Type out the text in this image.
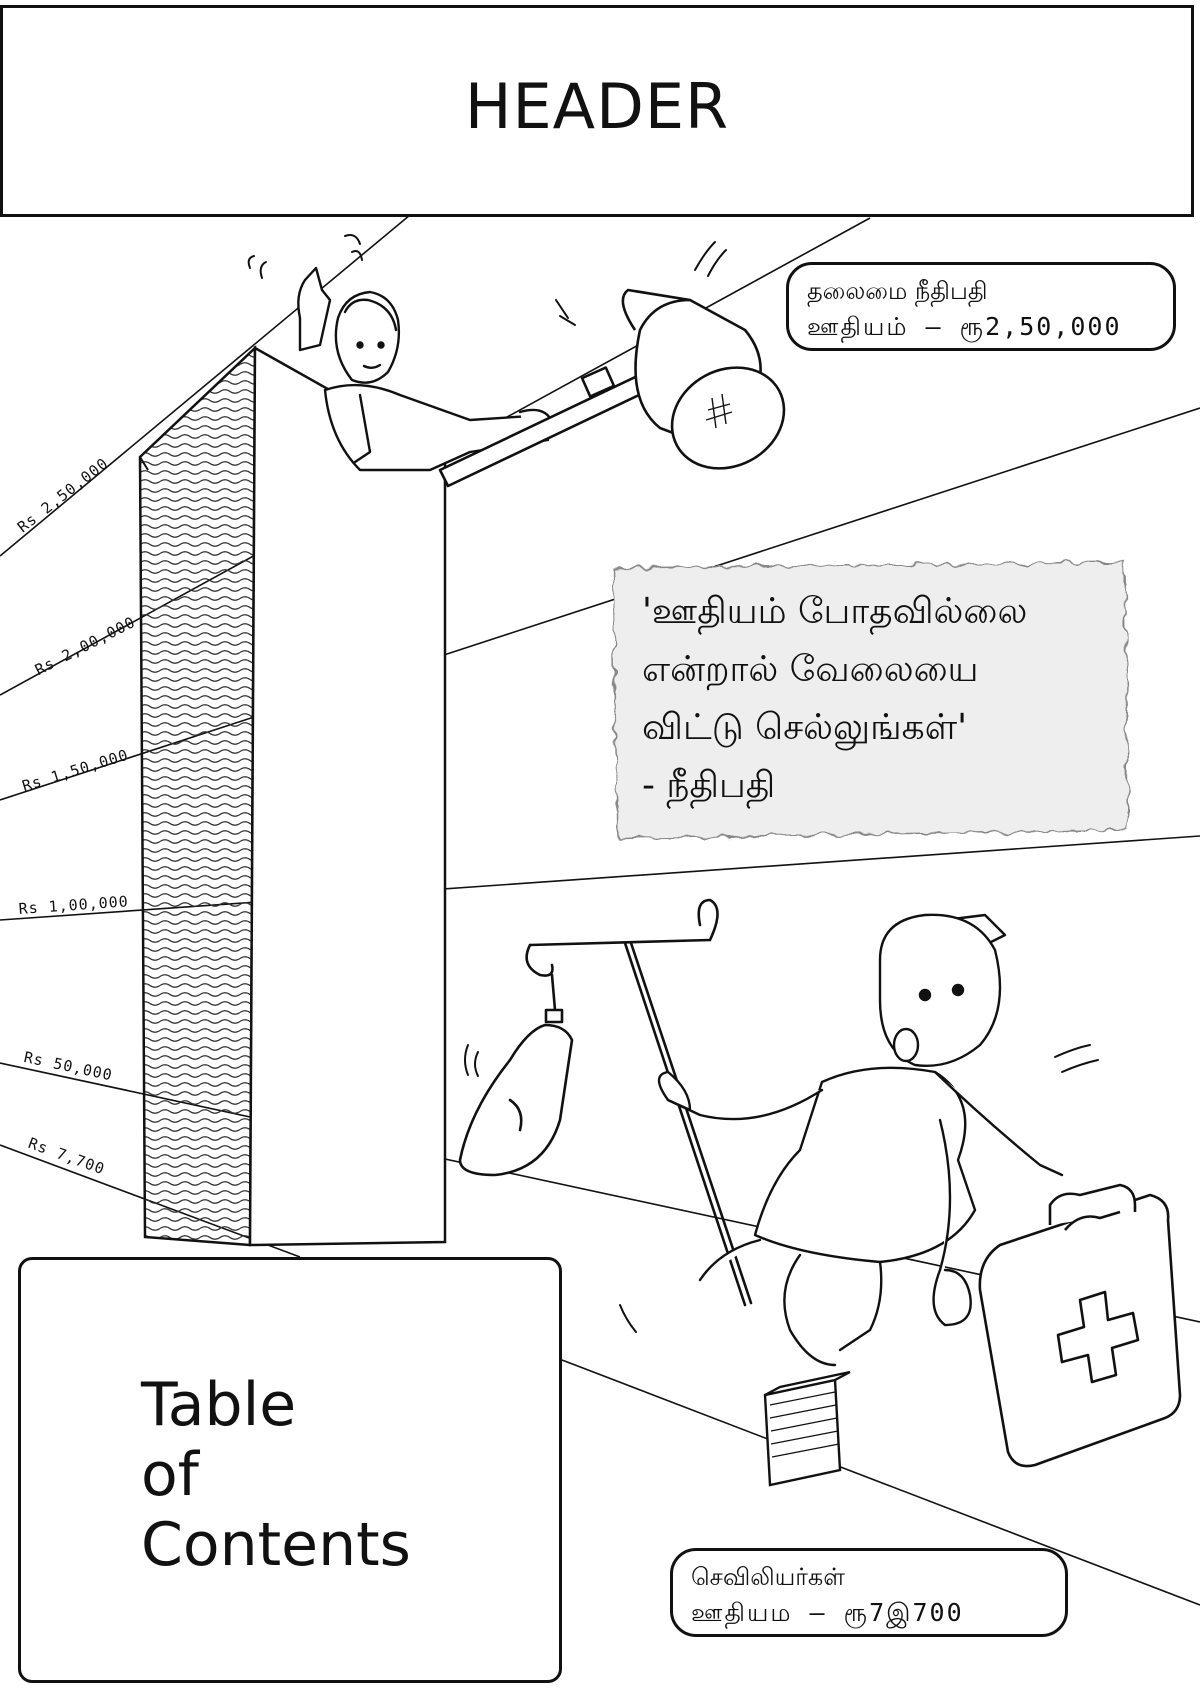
HEADER
Table
of
Contents
தலைமை நீதிபதி
ஊதியம் – ரூ2,50,000
'ஊதியம் போதவில்லை
என்றால் வேலையை
விட்டு செல்லுங்கள்'
- நீதிபதி
செவிலியர்கள்
ஊதியம – ரூ7இ700
Rs 2,50,000
Rs 2,00,000
Rs 1,50,000
Rs 1,00,000
Rs 50,000
Rs 7,700
